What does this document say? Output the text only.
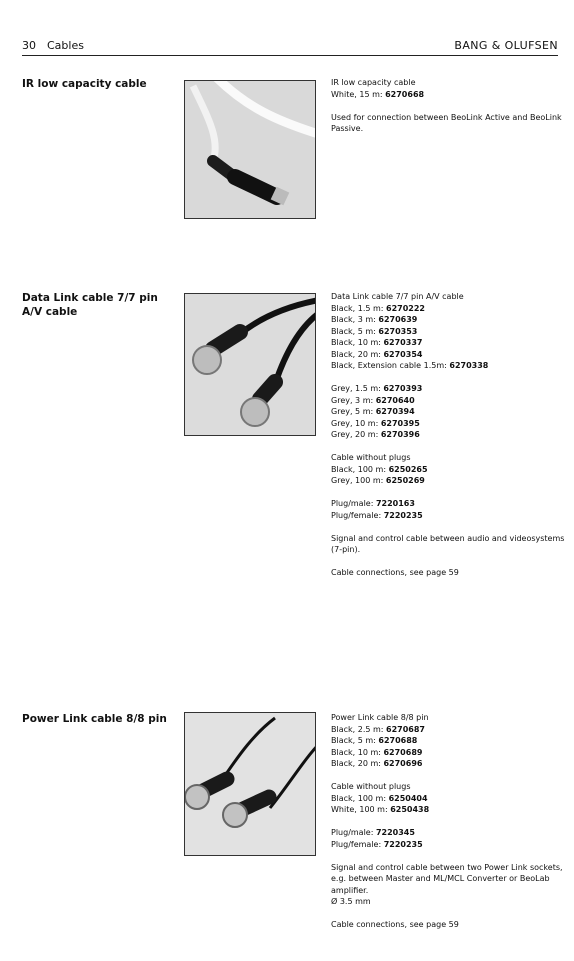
30 Cables	BANG & OLUFSEN
IR low capacity cable	IR low capacity cable
White, 15 m: 6270668
Used for connection between BeoLink Active and BeoLink Passive.
Data Link cable 7/7 pin A/V cable
Data Link cable 7/7 pin A/V cable
Black, 1.5 m: 6270222
Black, 3 m: 6270639
Black, 5 m: 6270353
Black, 10 m: 6270337
Black, 20 m: 6270354
Black, Extension cable 1.5m: 6270338
Grey, 1.5 m: 6270393
Grey, 3 m: 6270640
Grey, 5 m: 6270394
Grey, 10 m: 6270395
Grey, 20 m: 6270396
Cable without plugs
Black, 100 m: 6250265
Grey, 100 m: 6250269
Plug/male: 7220163
Plug/female: 7220235
Signal and control cable between audio and videosystems (7-pin).
Cable connections, see page 59
Power Link cable 8/8 pin	Power Link cable 8/8 pin
Black, 2.5 m: 6270687
Black, 5 m: 6270688
Black, 10 m: 6270689
Black, 20 m: 6270696
Cable without plugs
Black, 100 m: 6250404
White, 100 m: 6250438
Plug/male: 7220345
Plug/female: 7220235
Signal and control cable between two Power Link sockets, e.g. between Master and ML/MCL Converter or BeoLab amplifier.
Ø 3.5 mm
Cable connections, see page 59
